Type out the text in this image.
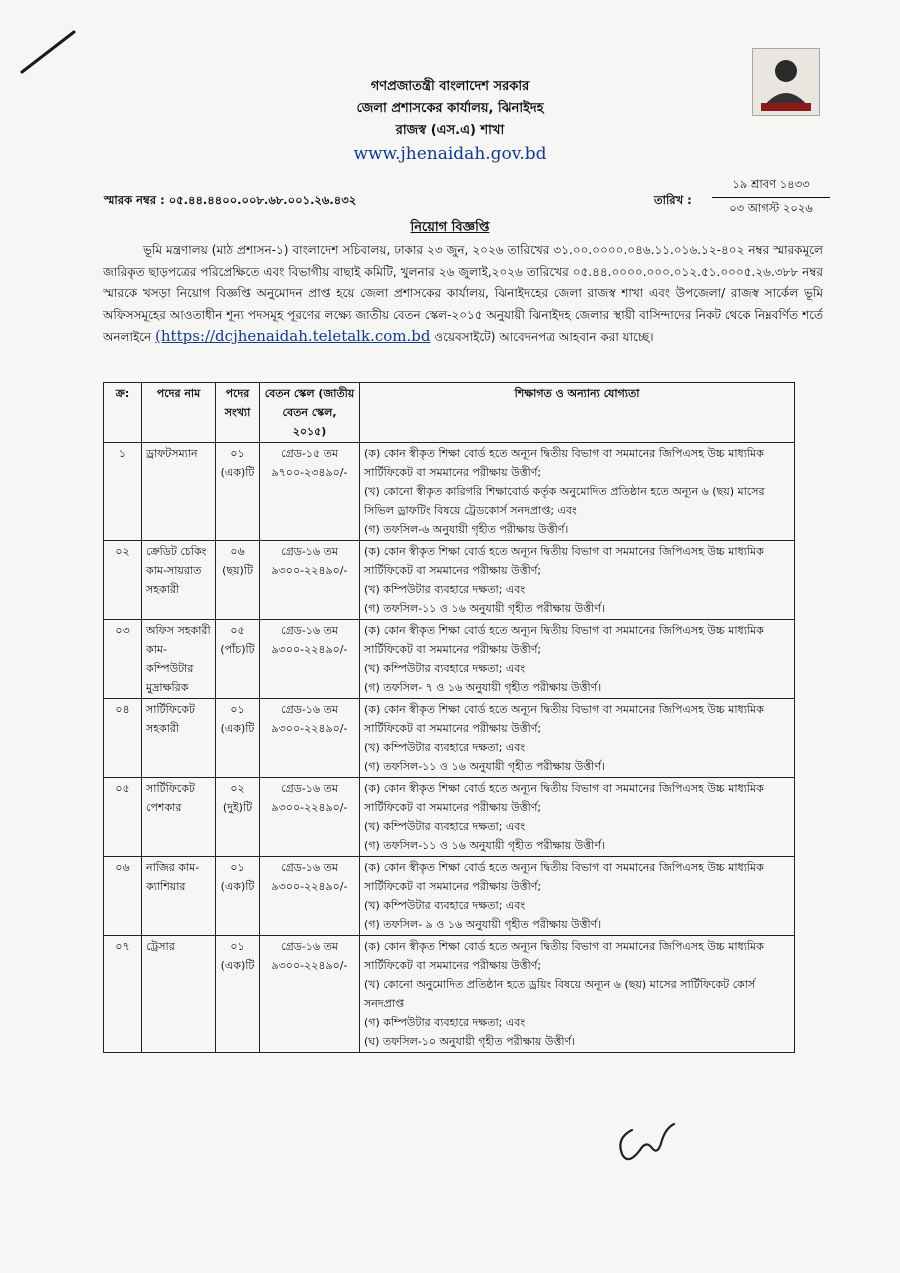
গণপ্রজাতন্ত্রী বাংলাদেশ সরকার
জেলা প্রশাসকের কার্যালয়, ঝিনাইদহ
রাজস্ব (এস.এ) শাখা
www.jhenaidah.gov.bd
স্মারক নম্বর : ০৫.৪৪.৪৪০০.০০৮.৬৮.০০১.২৬.৪৩২	তারিখ :
১৯ শ্রাবণ ১৪৩৩
০৩ আগস্ট ২০২৬
নিয়োগ বিজ্ঞপ্তি
ভূমি মন্ত্রণালয় (মাঠ প্রশাসন-১) বাংলাদেশ সচিবালয়, ঢাকার ২৩ জুন, ২০২৬ তারিখের ৩১.০০.০০০০.০৪৬.১১.০১৬.১২-৪০২ নম্বর স্মারকমূলে জারিকৃত ছাড়পত্রের পরিপ্রেক্ষিতে এবং বিভাগীয় বাছাই কমিটি, খুলনার ২৬ জুলাই,২০২৬ তারিখের ০৫.৪৪.০০০০.০০০.০১২.৫১.০০০৫.২৬.৩৮৮ নম্বর স্মারকে খসড়া নিয়োগ বিজ্ঞপ্তি অনুমোদন প্রাপ্ত হয়ে জেলা প্রশাসকের কার্যালয়, ঝিনাইদহের জেলা রাজস্ব শাখা এবং উপজেলা/ রাজস্ব সার্কেল ভূমি অফিসসমূহের আওতাধীন শূন্য পদসমূহ পূরণের লক্ষ্যে জাতীয় বেতন স্কেল-২০১৫ অনুযায়ী ঝিনাইদহ জেলার স্থায়ী বাসিন্দাদের নিকট থেকে নিম্নবর্ণিত শর্তে অনলাইনে (https://dcjhenaidah.teletalk.com.bd ওয়েবসাইটে) আবেদনপত্র আহবান করা যাচ্ছে।
ক্র:	পদের নাম	পদের সংখ্যা	বেতন স্কেল (জাতীয় বেতন স্কেল, ২০১৫)	শিক্ষাগত ও অন্যান্য যোগ্যতা
১	ড্রাফটসম্যান	০১ (এক)টি	গ্রেড-১৫ তম ৯৭০০-২৩৪৯০/-	(ক) কোন স্বীকৃত শিক্ষা বোর্ড হতে অন্যূন দ্বিতীয় বিভাগ বা সমমানের জিপিএসহ উচ্চ মাধ্যমিক সার্টিফিকেট বা সমমানের পরীক্ষায় উত্তীর্ণ;
(খ) কোনো স্বীকৃত কারিগরি শিক্ষাবোর্ড কর্তৃক অনুমোদিত প্রতিষ্ঠান হতে অন্যূন ৬ (ছয়) মাসের সিভিল ড্রাফটিং বিষয়ে ট্রেডকোর্স সনদপ্রাপ্ত; এবং
(গ) তফসিল-৬ অনুযায়ী গৃহীত পরীক্ষায় উত্তীর্ণ।

০২	ক্রেডিট চেকিং কাম-সায়রাত সহকারী	০৬ (ছয়)টি	গ্রেড-১৬ তম ৯৩০০-২২৪৯০/-	(ক) কোন স্বীকৃত শিক্ষা বোর্ড হতে অন্যূন দ্বিতীয় বিভাগ বা সমমানের জিপিএসহ উচ্চ মাধ্যমিক সার্টিফিকেট বা সমমানের পরীক্ষায় উত্তীর্ণ;
(খ) কম্পিউটার ব্যবহারে দক্ষতা; এবং
(গ) তফসিল-১১ ও ১৬ অনুযায়ী গৃহীত পরীক্ষায় উত্তীর্ণ।

০৩	অফিস সহকারী কাম-কম্পিউটার মুদ্রাক্ষরিক	০৫ (পাঁচ)টি	গ্রেড-১৬ তম ৯৩০০-২২৪৯০/-	(ক) কোন স্বীকৃত শিক্ষা বোর্ড হতে অন্যূন দ্বিতীয় বিভাগ বা সমমানের জিপিএসহ উচ্চ মাধ্যমিক সার্টিফিকেট বা সমমানের পরীক্ষায় উত্তীর্ণ;
(খ) কম্পিউটার ব্যবহারে দক্ষতা; এবং
(গ) তফসিল- ৭ ও ১৬ অনুযায়ী গৃহীত পরীক্ষায় উত্তীর্ণ।

০৪	সার্টিফিকেট সহকারী	০১ (এক)টি	গ্রেড-১৬ তম ৯৩০০-২২৪৯০/-	(ক) কোন স্বীকৃত শিক্ষা বোর্ড হতে অন্যূন দ্বিতীয় বিভাগ বা সমমানের জিপিএসহ উচ্চ মাধ্যমিক সার্টিফিকেট বা সমমানের পরীক্ষায় উত্তীর্ণ;
(খ) কম্পিউটার ব্যবহারে দক্ষতা; এবং
(গ) তফসিল-১১ ও ১৬ অনুযায়ী গৃহীত পরীক্ষায় উত্তীর্ণ।

০৫	সার্টিফিকেট পেশকার	০২ (দুই)টি	গ্রেড-১৬ তম ৯৩০০-২২৪৯০/-	(ক) কোন স্বীকৃত শিক্ষা বোর্ড হতে অন্যূন দ্বিতীয় বিভাগ বা সমমানের জিপিএসহ উচ্চ মাধ্যমিক সার্টিফিকেট বা সমমানের পরীক্ষায় উত্তীর্ণ;
(খ) কম্পিউটার ব্যবহারে দক্ষতা; এবং
(গ) তফসিল-১১ ও ১৬ অনুযায়ী গৃহীত পরীক্ষায় উত্তীর্ণ।

০৬	নাজির কাম-ক্যাশিয়ার	০১ (এক)টি	গ্রেড-১৬ তম ৯৩০০-২২৪৯০/-	(ক) কোন স্বীকৃত শিক্ষা বোর্ড হতে অন্যূন দ্বিতীয় বিভাগ বা সমমানের জিপিএসহ উচ্চ মাধ্যমিক সার্টিফিকেট বা সমমানের পরীক্ষায় উত্তীর্ণ;
(খ) কম্পিউটার ব্যবহারে দক্ষতা; এবং
(গ) তফসিল- ৯ ও ১৬ অনুযায়ী গৃহীত পরীক্ষায় উত্তীর্ণ।

০৭	ট্রেসার	০১ (এক)টি	গ্রেড-১৬ তম ৯৩০০-২২৪৯০/-	(ক) কোন স্বীকৃত শিক্ষা বোর্ড হতে অন্যূন দ্বিতীয় বিভাগ বা সমমানের জিপিএসহ উচ্চ মাধ্যমিক সার্টিফিকেট বা সমমানের পরীক্ষায় উত্তীর্ণ;
(খ) কোনো অনুমোদিত প্রতিষ্ঠান হতে ড্রয়িং বিষয়ে অন্যূন ৬ (ছয়) মাসের সার্টিফিকেট কোর্স সনদপ্রাপ্ত
(গ) কম্পিউটার ব্যবহারে দক্ষতা; এবং
(ঘ) তফসিল-১০ অনুযায়ী গৃহীত পরীক্ষায় উত্তীর্ণ।
